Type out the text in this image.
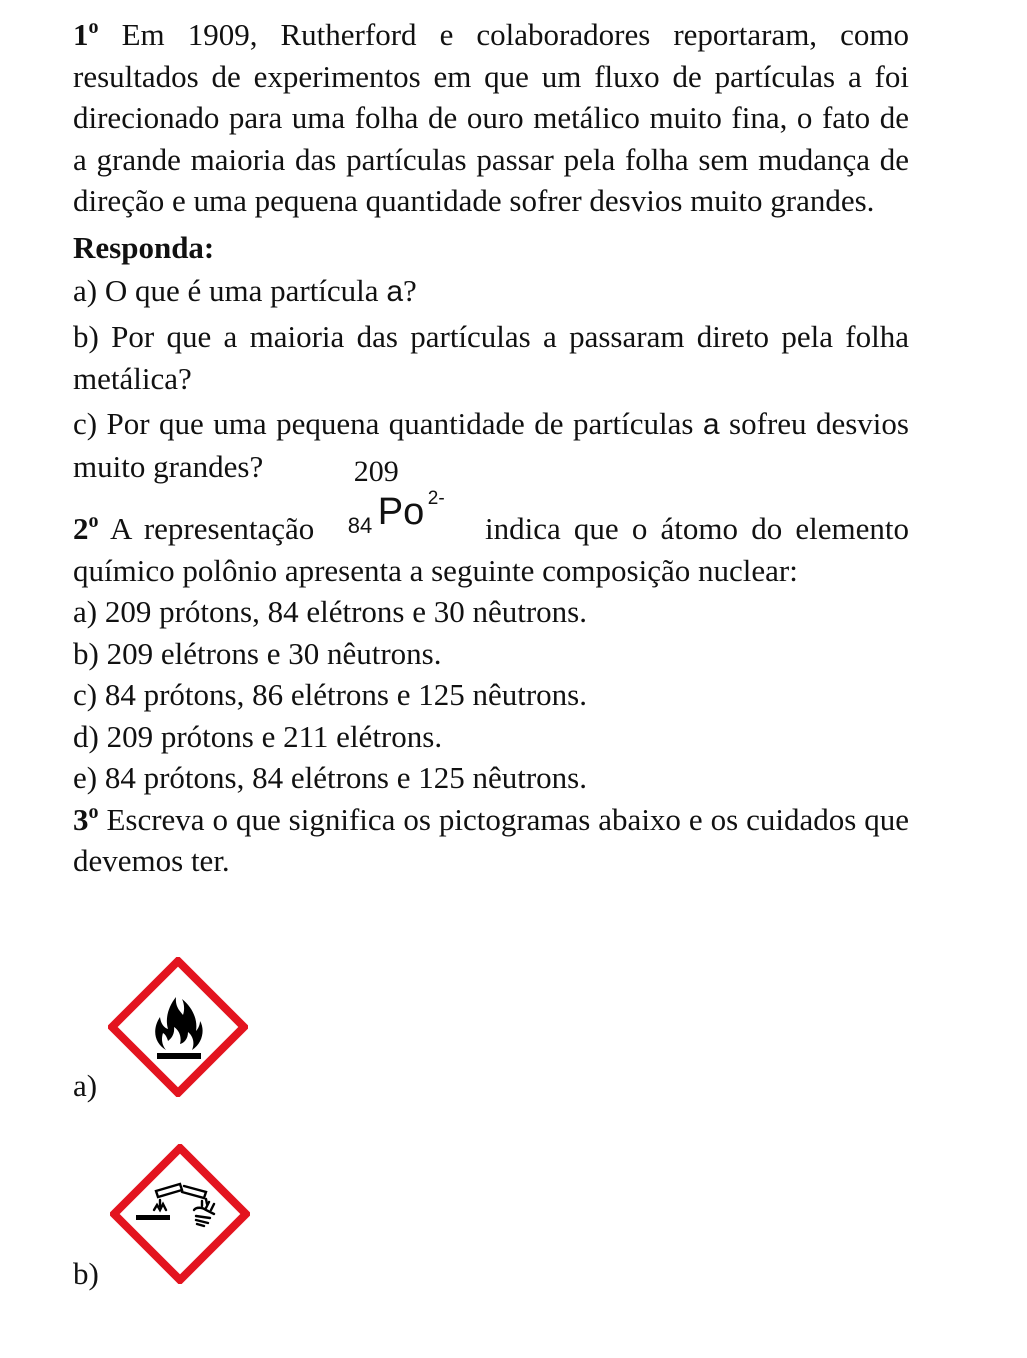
1$^o$ Em 1909, Rutherford e colaboradores reportaram, como resultados de experimentos em que um fluxo de partículas a foi direcionado para uma folha de ouro metálico muito fina, o fato de a grande maioria das partículas passar pela folha sem mudança de direção e uma pequena quantidade sofrer desvios muito grandes.

Responda:

a) O que é uma partícula a?

b) Por que a maioria das partículas a passaram direto pela folha metálica?

c) Por que uma pequena quantidade de partículas a sofreu desvios muito grandes?

2$^o$ A representação
209
84 Po 2-
indica que o átomo do elemento químico polônio apresenta a seguinte composição nuclear:

a) 209 prótons, 84 elétrons e 30 nêutrons.

b) 209 elétrons e 30 nêutrons.

c) 84 prótons, 86 elétrons e 125 nêutrons.

d) 209 prótons e 211 elétrons.

e) 84 prótons, 84 elétrons e 125 nêutrons.

3$^o$ Escreva o que significa os pictogramas abaixo e os cuidados que devemos ter.

a)
b)
